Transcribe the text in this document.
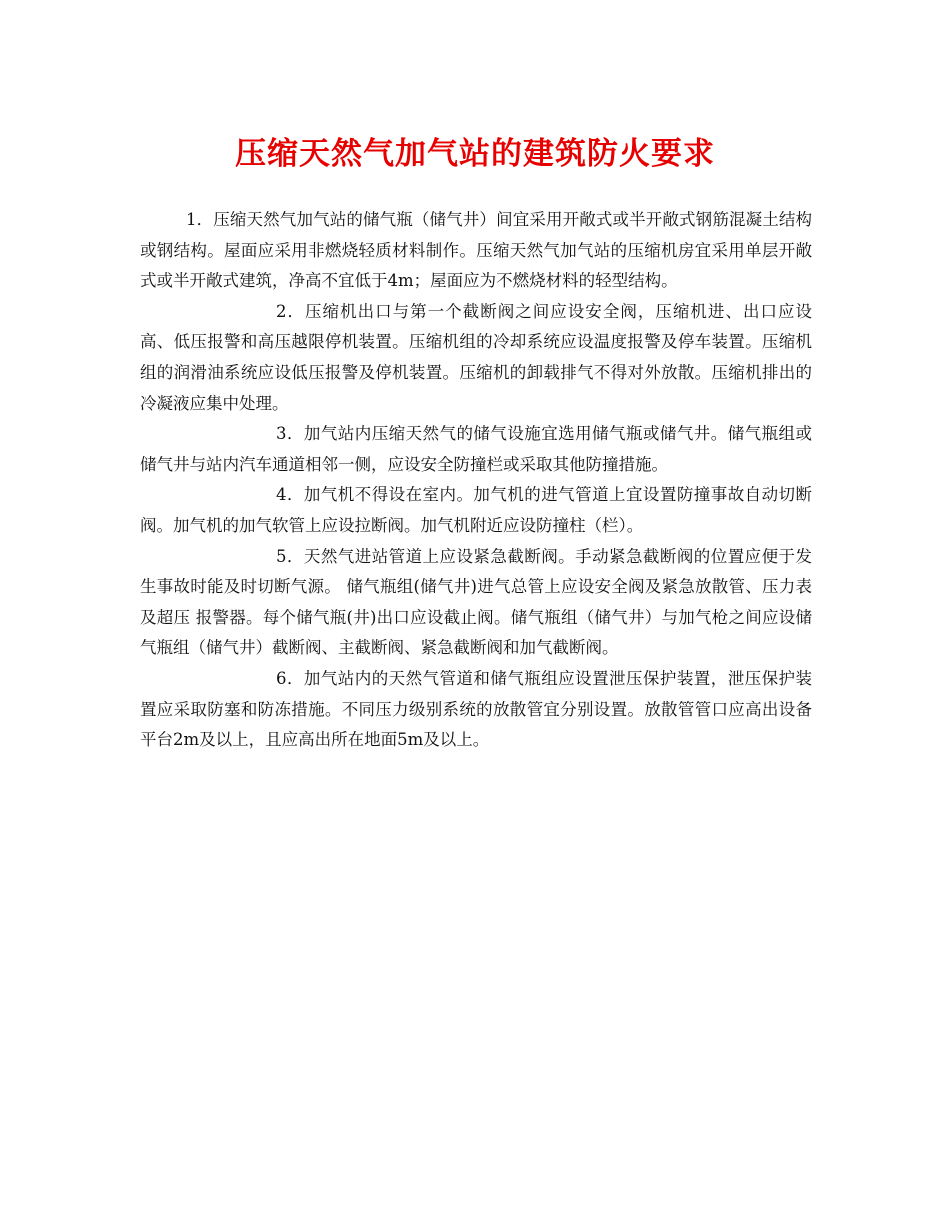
压缩天然气加气站的建筑防火要求

1．压缩天然气加气站的储气瓶（储气井）间宜采用开敞式或半开敞式钢筋混凝土结构或钢结构。屋面应采用非燃烧轻质材料制作。压缩天然气加气站的压缩机房宜采用单层开敞式或半开敞式建筑，净高不宜低于4m；屋面应为不燃烧材料的轻型结构。

2．压缩机出口与第一个截断阀之间应设安全阀，压缩机进、出口应设高、低压报警和高压越限停机装置。压缩机组的冷却系统应设温度报警及停车装置。压缩机组的润滑油系统应设低压报警及停机装置。压缩机的卸载排气不得对外放散。压缩机排出的冷凝液应集中处理。

3．加气站内压缩天然气的储气设施宜选用储气瓶或储气井。储气瓶组或储气井与站内汽车通道相邻一侧，应设安全防撞栏或采取其他防撞措施。

4．加气机不得设在室内。加气机的进气管道上宜设置防撞事故自动切断阀。加气机的加气软管上应设拉断阀。加气机附近应设防撞柱（栏）。

5．天然气进站管道上应设紧急截断阀。手动紧急截断阀的位置应便于发生事故时能及时切断气源。 储气瓶组(储气井)进气总管上应设安全阀及紧急放散管、压力表及超压 报警器。每个储气瓶(井)出口应设截止阀。储气瓶组（储气井）与加气枪之间应设储气瓶组（储气井）截断阀、主截断阀、紧急截断阀和加气截断阀。

6．加气站内的天然气管道和储气瓶组应设置泄压保护装置，泄压保护装置应采取防塞和防冻措施。不同压力级别系统的放散管宜分别设置。放散管管口应高出设备平台2m及以上，且应高出所在地面5m及以上。
